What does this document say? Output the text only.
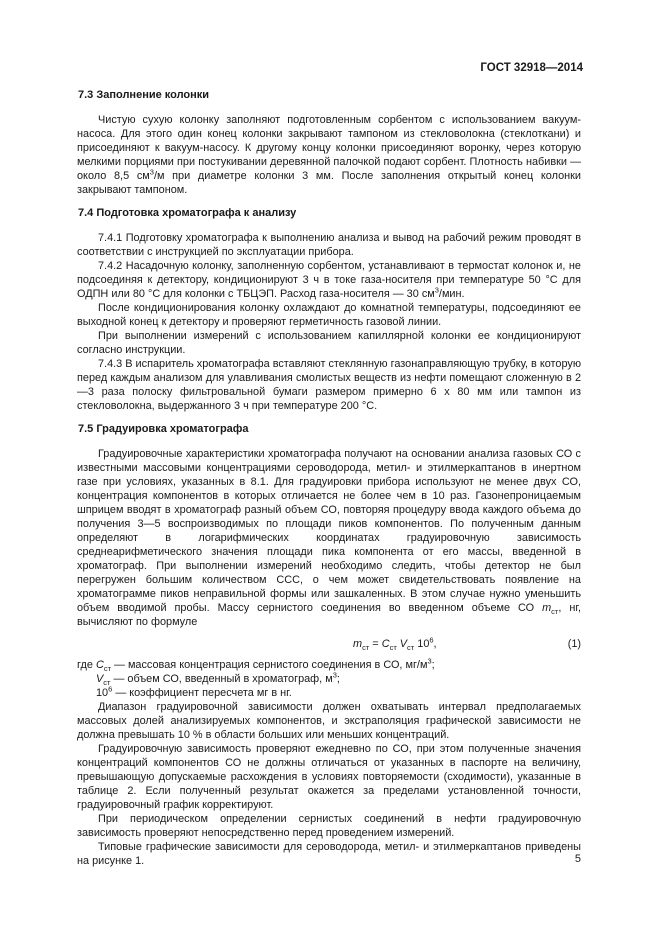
ГОСТ 32918—2014
7.3 Заполнение колонки

Чистую сухую колонку заполняют подготовленным сорбентом с использованием вакуум-насоса. Для этого один конец колонки закрывают тампоном из стекловолокна (стеклоткани) и присоединяют к вакуум-насосу. К другому концу колонки присоединяют воронку, через которую мелкими порциями при постукивании деревянной палочкой подают сорбент. Плотность набивки — около 8,5 $см^3/м$ при диаметре колонки 3 мм. После заполнения открытый конец колонки закрывают тампоном.

7.4 Подготовка хроматографа к анализу

7.4.1 Подготовку хроматографа к выполнению анализа и вывод на рабочий режим проводят в соответствии с инструкцией по эксплуатации прибора.

7.4.2 Насадочную колонку, заполненную сорбентом, устанавливают в термостат колонок и, не подсоединяя к детектору, кондиционируют 3 ч в токе газа-носителя при температуре 50 °С для ОДПН или 80 °С для колонки с ТБЦЭП. Расход газа-носителя — 30 $см^3$/мин.

После кондиционирования колонку охлаждают до комнатной температуры, подсоединяют ее выходной конец к детектору и проверяют герметичность газовой линии.

При выполнении измерений с использованием капиллярной колонки ее кондиционируют согласно инструкции.

7.4.3 В испаритель хроматографа вставляют стеклянную газонаправляющую трубку, в которую перед каждым анализом для улавливания смолистых веществ из нефти помещают сложенную в 2—3 раза полоску фильтровальной бумаги размером примерно 6 x 80 мм или тампон из стекловолокна, выдержанного 3 ч при температуре 200 °С.

7.5 Градуировка хроматографа

Градуировочные характеристики хроматографа получают на основании анализа газовых СО с известными массовыми концентрациями сероводорода, метил- и этилмеркаптанов в инертном газе при условиях, указанных в 8.1. Для градуировки прибора используют не менее двух СО, концентрация компонентов в которых отличается не более чем в 10 раз. Газонепроницаемым шприцем вводят в хроматограф разный объем СО, повторяя процедуру ввода каждого объема до получения 3—5 воспроизводимых по площади пиков компонентов. По полученным данным определяют в логарифмических координатах градуировочную зависимость среднеарифметического значения площади пика компонента от его массы, введенной в хроматограф. При выполнении измерений необходимо следить, чтобы детектор не был перегружен большим количеством ССС, о чем может свидетельствовать появление на хроматограмме пиков неправильной формы или зашкаленных. В этом случае нужно уменьшить объем вводимой пробы. Массу сернистого соединения во введенном объеме СО $m_{ст}$, нг, вычисляют по формуле

$m_{ст} = C_{ст}$ $V_{ст}$ $10^6$,	(1)
где $C_{ст}$ — массовая концентрация сернистого соединения в СО, $мг/м^3$;
$V_{ст}$ — объем СО, введенный в хроматограф, $м^3$;
$10^6$ — коэффициент пересчета мг в нг.

Диапазон градуировочной зависимости должен охватывать интервал предполагаемых массовых долей анализируемых компонентов, и экстраполяция графической зависимости не должна превышать 10 % в области больших или меньших концентраций.

Градуировочную зависимость проверяют ежедневно по СО, при этом полученные значения концентраций компонентов СО не должны отличаться от указанных в паспорте на величину, превышающую допускаемые расхождения в условиях повторяемости (сходимости), указанные в таблице 2. Если полученный результат окажется за пределами установленной точности, градуировочный график корректируют.

При периодическом определении сернистых соединений в нефти градуировочную зависимость проверяют непосредственно перед проведением измерений.

Типовые графические зависимости для сероводорода, метил- и этилмеркаптанов приведены на рисунке 1.	5
